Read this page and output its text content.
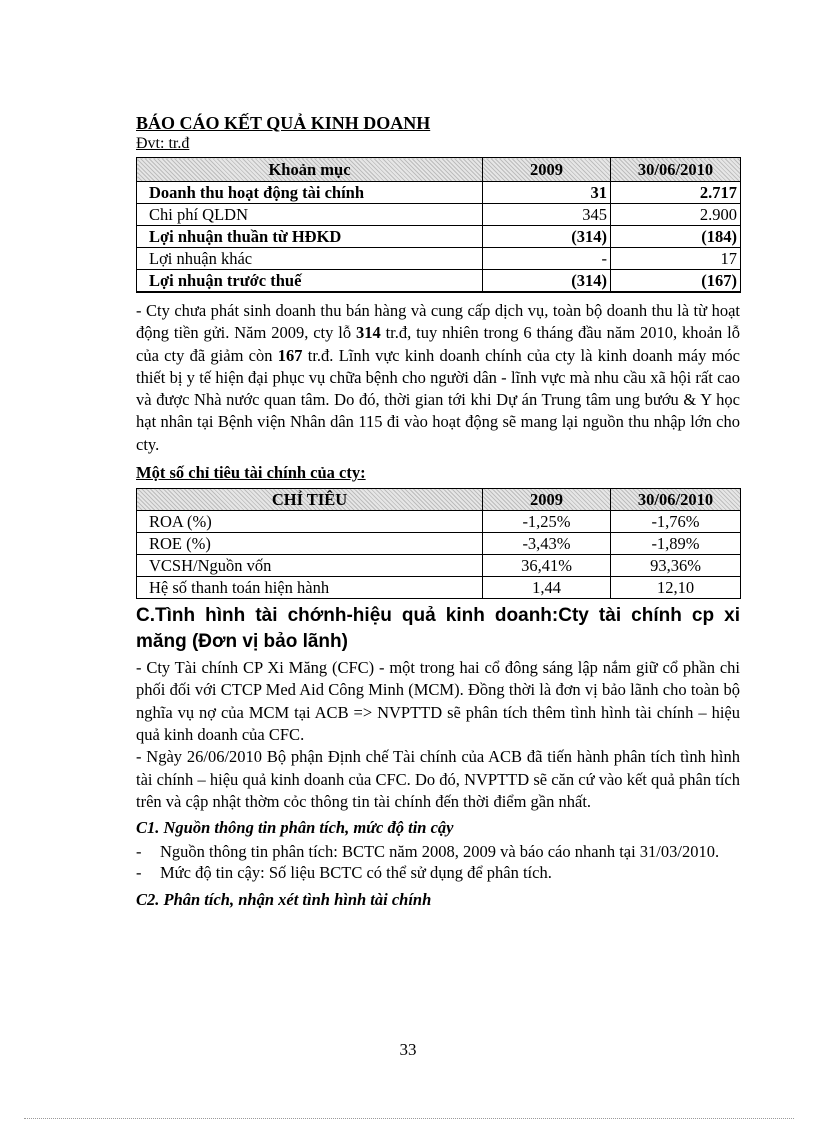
BÁO CÁO KẾT QUẢ KINH DOANH
Đvt: tr.đ
Khoản mục	2009	30/06/2010
Doanh thu hoạt động tài chính	31	2.717
Chi phí QLDN	345	2.900
Lợi nhuận thuần từ HĐKD	(314)	(184)
Lợi nhuận khác	-	17
Lợi nhuận trước thuế	(314)	(167)

- Cty chưa phát sinh doanh thu bán hàng và cung cấp dịch vụ, toàn bộ doanh thu là từ hoạt động tiền gửi. Năm 2009, cty lỗ 314 tr.đ, tuy nhiên trong 6 tháng đầu năm 2010, khoản lỗ của cty đã giảm còn 167 tr.đ. Lĩnh vực kinh doanh chính của cty là kinh doanh máy móc thiết bị y tế hiện đại phục vụ chữa bệnh cho người dân - lĩnh vực mà nhu cầu xã hội rất cao và được Nhà nước quan tâm. Do đó, thời gian tới khi Dự án Trung tâm ung bướu & Y học hạt nhân tại Bệnh viện Nhân dân 115 đi vào hoạt động sẽ mang lại nguồn thu nhập lớn cho cty.

Một số chỉ tiêu tài chính của cty:
CHỈ TIÊU	2009	30/06/2010
ROA (%)	-1,25%	-1,76%
ROE (%)	-3,43%	-1,89%
VCSH/Nguồn vốn	36,41%	93,36%
Hệ số thanh toán hiện hành	1,44	12,10
C.Tình hình tài chớnh-hiệu quả kinh doanh:Cty tài chính cp xi măng (Đơn vị bảo lãnh)

- Cty Tài chính CP Xi Măng (CFC) - một trong hai cổ đông sáng lập nắm giữ cổ phần chi phối đối với CTCP Med Aid Công Minh (MCM). Đồng thời là đơn vị bảo lãnh cho toàn bộ nghĩa vụ nợ của MCM tại ACB => NVPTTD sẽ phân tích thêm tình hình tài chính – hiệu quả kinh doanh của CFC.

- Ngày 26/06/2010 Bộ phận Định chế Tài chính của ACB đã tiến hành phân tích tình hình tài chính – hiệu quả kinh doanh của CFC. Do đó, NVPTTD sẽ căn cứ vào kết quả phân tích trên và cập nhật thờm cỏc thông tin tài chính đến thời điểm gần nhất.

C1. Nguồn thông tin phân tích, mức độ tin cậy
- Nguồn thông tin phân tích: BCTC năm 2008, 2009 và báo cáo nhanh tại 31/03/2010.
- Mức độ tin cậy: Số liệu BCTC có thể sử dụng để phân tích.
C2. Phân tích, nhận xét tình hình tài chính
33
